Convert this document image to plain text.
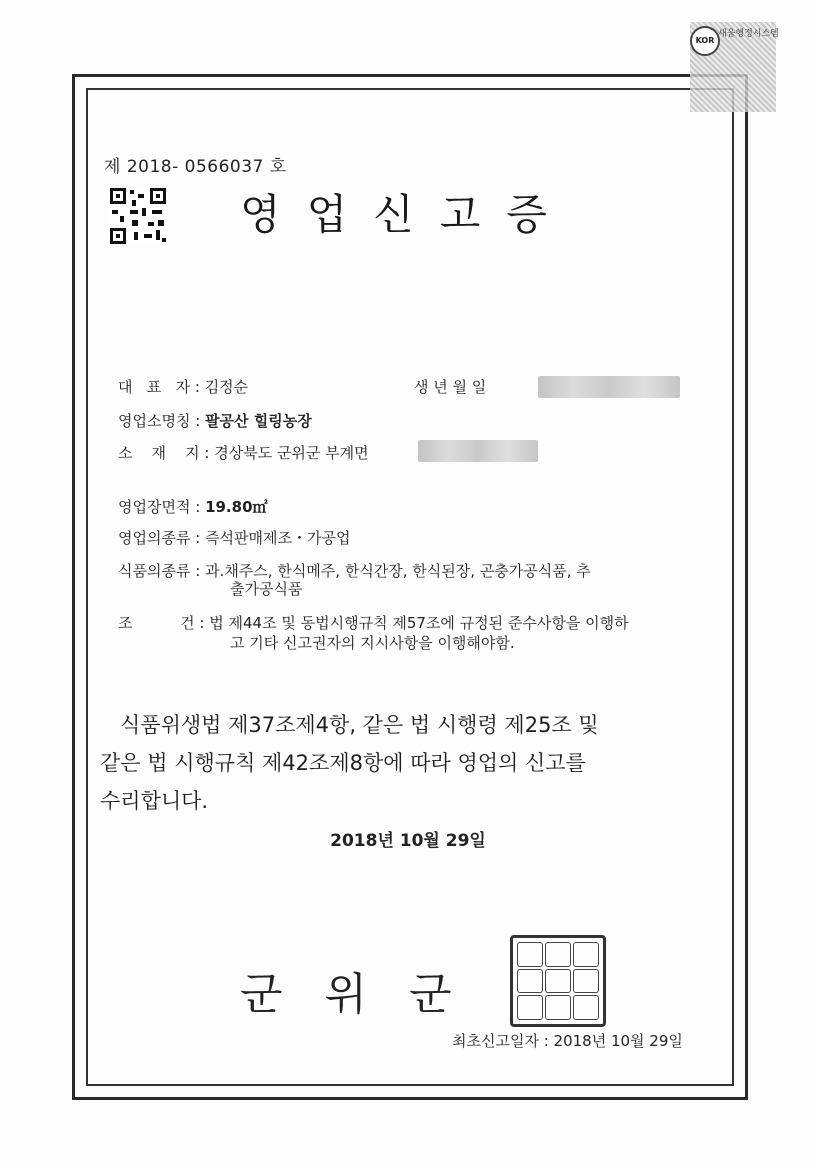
KOR
새움행정시스템
제 2018- 0566037 호
영업신고증
대   표   자 : 김정순	생 년 월 일
영업소명칭 : 팔공산 힐링농장
소    재    지 : 경상북도 군위군 부계면
영업장면적 : 19.80㎡
영업의종류 : 즉석판매제조・가공업
식품의종류 : 과.채주스, 한식메주, 한식간장, 한식된장, 곤충가공식품, 추
출가공식품
조          건 : 법 제44조 및 동법시행규칙 제57조에 규정된 준수사항을 이행하
고 기타 신고권자의 지시사항을 이행해야함.
식품위생법 제37조제4항, 같은 법 시행령 제25조 및
같은 법 시행규칙 제42조제8항에 따라 영업의 신고를
수리합니다.
2018년 10월 29일
군위군
최초신고일자 : 2018년 10월 29일
